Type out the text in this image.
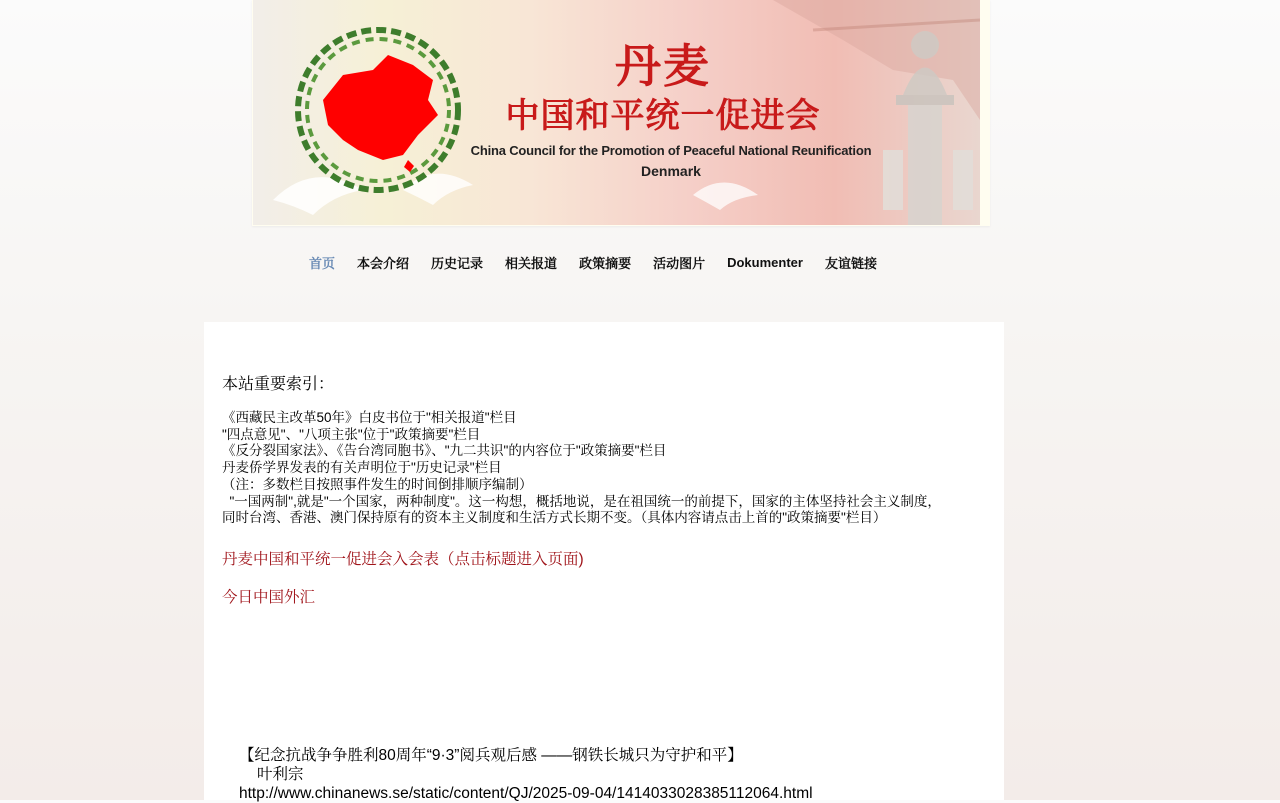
丹麦
中国和平统一促进会
China Council for the Promotion of Peaceful National Reunification
Denmark
首页	本会介绍	历史记录	相关报道	政策摘要	活动图片	Dokumenter	友谊链接
本站重要索引：
《西藏民主改革50年》白皮书位于"相关报道"栏目
"四点意见"、"八项主张"位于"政策摘要"栏目
《反分裂国家法》、《告台湾同胞书》、"九二共识"的内容位于"政策摘要"栏目
丹麦侨学界发表的有关声明位于"历史记录"栏目
（注：多数栏目按照事件发生的时间倒排顺序编制）
"一国两制",就是"一个国家，两种制度"。这一构想，概括地说，是在祖国统一的前提下，国家的主体坚持社会主义制度，同时台湾、香港、澳门保持原有的资本主义制度和生活方式长期不变。（具体内容请点击上首的"政策摘要"栏目）
丹麦中国和平统一促进会入会表（点击标题进入页面)
今日中国外汇
【纪念抗战争争胜利80周年“9·3”阅兵观后感 ——钢铁长城只为守护和平】
叶利宗
http://www.chinanews.se/static/content/QJ/2025-09-04/1414033028385112064.html
